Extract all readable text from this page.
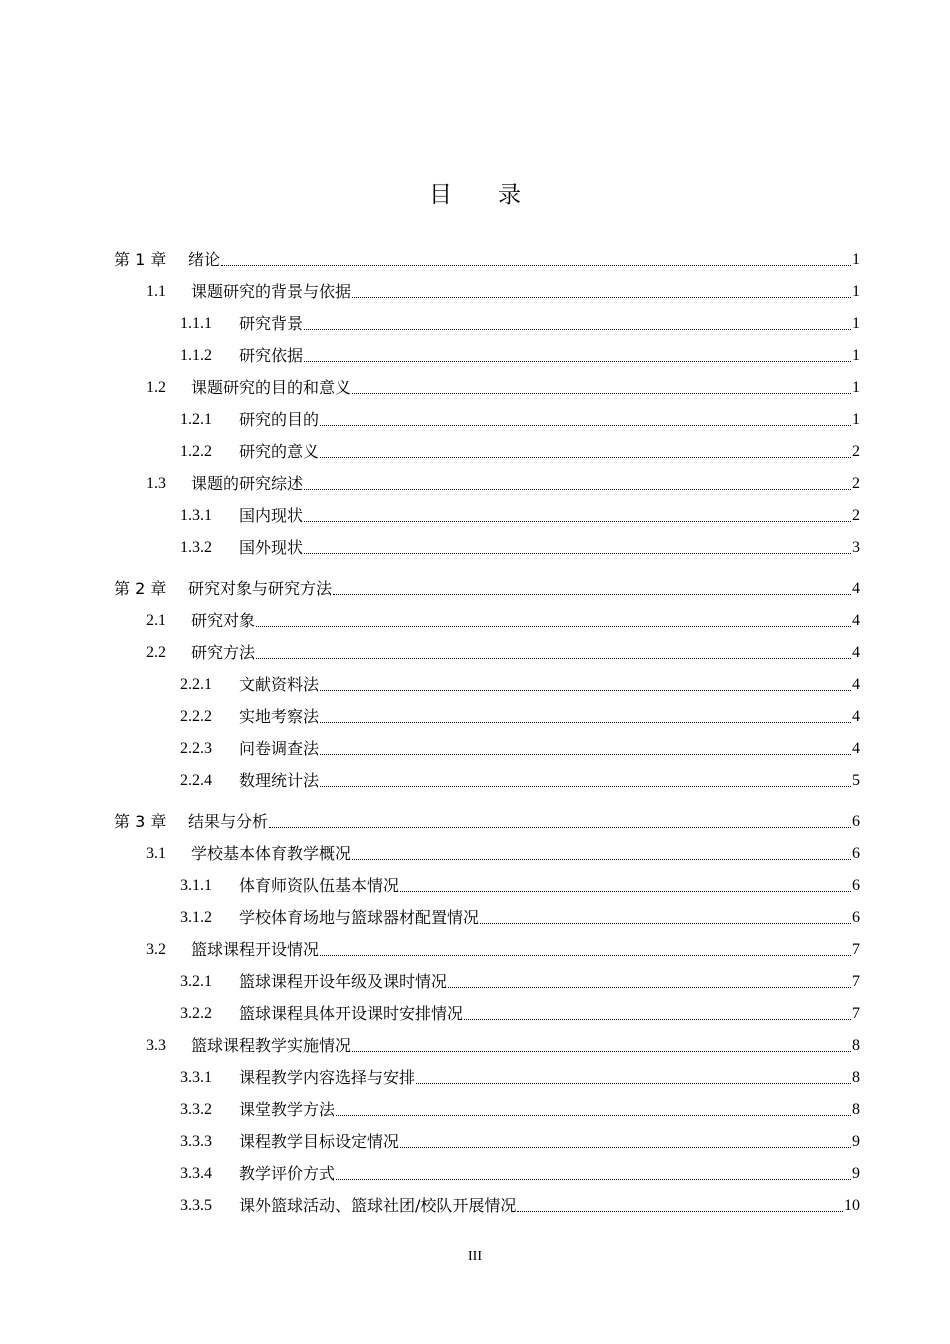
目录
第 1 章	绪论	1
1.1	课题研究的背景与依据	1
1.1.1	研究背景	1
1.1.2	研究依据	1
1.2	课题研究的目的和意义	1
1.2.1	研究的目的	1
1.2.2	研究的意义	2
1.3	课题的研究综述	2
1.3.1	国内现状	2
1.3.2	国外现状	3
第 2 章	研究对象与研究方法	4
2.1	研究对象	4
2.2	研究方法	4
2.2.1	文献资料法	4
2.2.2	实地考察法	4
2.2.3	问卷调查法	4
2.2.4	数理统计法	5
第 3 章	结果与分析	6
3.1	学校基本体育教学概况	6
3.1.1	体育师资队伍基本情况	6
3.1.2	学校体育场地与篮球器材配置情况	6
3.2	篮球课程开设情况	7
3.2.1	篮球课程开设年级及课时情况	7
3.2.2	篮球课程具体开设课时安排情况	7
3.3	篮球课程教学实施情况	8
3.3.1	课程教学内容选择与安排	8
3.3.2	课堂教学方法	8
3.3.3	课程教学目标设定情况	9
3.3.4	教学评价方式	9
3.3.5	课外篮球活动、篮球社团/校队开展情况	10
III
